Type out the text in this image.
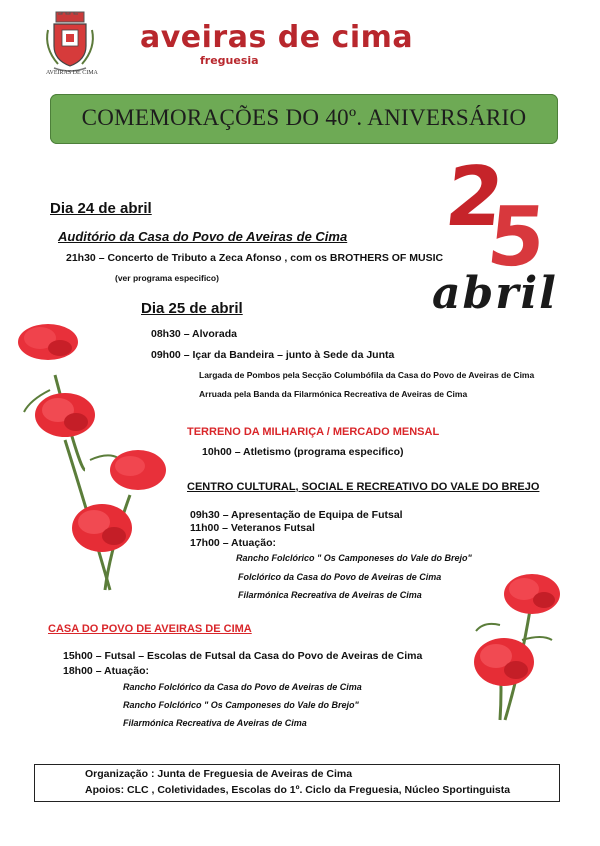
AVEIRAS DE CIMA
aveiras de cima
freguesia
COMEMORAÇÕES DO 40º. ANIVERSÁRIO
2
5
abril
Dia 24 de abril
Auditório da Casa do Povo de Aveiras de Cima
21h30 – Concerto de Tributo a Zeca Afonso , com os BROTHERS OF MUSIC
(ver programa especifico)
Dia 25 de abril
08h30 – Alvorada
09h00 – Içar da Bandeira – junto à Sede da Junta
Largada de Pombos pela Secção Columbófila da Casa do Povo de Aveiras de Cima
Arruada pela Banda da Filarmónica Recreativa de Aveiras de Cima
TERRENO DA MILHARIÇA / MERCADO MENSAL
10h00 – Atletismo (programa especifico)
CENTRO CULTURAL, SOCIAL E RECREATIVO DO VALE DO BREJO
09h30 – Apresentação de Equipa de Futsal
11h00 – Veteranos Futsal
17h00 – Atuação:
Rancho Folclórico " Os Camponeses do Vale do Brejo"
Folclórico da Casa do Povo de Aveiras de Cima
Filarmónica Recreativa de Aveiras de Cima
CASA DO POVO DE AVEIRAS DE CIMA
15h00 – Futsal – Escolas de Futsal da Casa do Povo de Aveiras de Cima
18h00 – Atuação:
Rancho Folclórico da Casa do Povo de Aveiras de Cima
Rancho Folclórico " Os Camponeses do Vale do Brejo"
Filarmónica Recreativa de Aveiras de Cima
Organização : Junta de Freguesia de Aveiras de Cima
Apoios: CLC , Coletividades, Escolas do 1º. Ciclo da Freguesia, Núcleo Sportinguista
